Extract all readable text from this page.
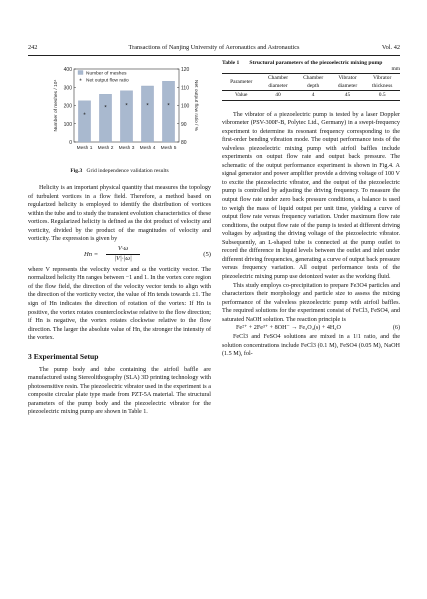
242	Transactions of Nanjing University of Aeronautics and Astronautics	Vol. 42
0
100
200
300
400
80
90
100
110
120
Number of meshes / 10⁴	Net output flow ratio / %
*
Mesh 1
*
Mesh 2
*
Mesh 3
*
Mesh 4
*
Mesh 5
Number of meshes
* Net output flow ratio
Fig.3 Grid independence validation results

Helicity is an important physical quantity that measures the topology of turbulent vortices in a flow field. Therefore, a method based on regularized helicity is employed to identify the distribution of vortices within the tube and to study the transient evolution characteristics of these vortices. Regularized helicity is defined as the dot product of velocity and vorticity, divided by the product of the magnitudes of velocity and vorticity. The expression is given by

Hn =
V·ω
|V|·|ω|
(5)

where V represents the velocity vector and ω the vorticity vector. The normalized helicity Hn ranges between −1 and 1. In the vortex core region of the flow field, the direction of the velocity vector tends to align with the direction of the vorticity vector, the value of Hn tends towards ±1. The sign of Hn indicates the direction of rotation of the vortex: If Hn is positive, the vortex rotates counterclockwise relative to the flow direction; if Hn is negative, the vortex rotates clockwise relative to the flow direction. The larger the absolute value of Hn, the stronger the intensity of the vortex.

3 Experimental Setup

The pump body and tube containing the airfoil baffle are manufactured using Stereolithography (SLA) 3D printing technology with photosensitive resin. The piezoelectric vibrator used in the experiment is a composite circular plate type made from PZT-5A material. The structural parameters of the pump body and the piezoelectric vibrator for the piezoelectric mixing pump are shown in Table 1.

Table 1 Structural parameters of the piezoelectric mixing pump
mm
Parameter	Chamber	Chamber	Vibrator	Vibrator
	diameter	depth	diameter	thickness
Value	40	4	45	0.5

The vibrator of a piezoelectric pump is tested by a laser Doppler vibrometer (PSV-300F-B, Polytec Ltd., Germany) in a swept-frequency experiment to determine its resonant frequency corresponding to the first-order bending vibration mode. The output performance tests of the valveless piezoelectric mixing pump with airfoil baffles include experiments on output flow rate and output back pressure. The schematic of the output performance experiment is shown in Fig.4. A signal generator and power amplifier provide a driving voltage of 100 V to excite the piezoelectric vibrator, and the output of the piezoelectric pump is controlled by adjusting the driving frequency. To measure the output flow rate under zero back pressure conditions, a balance is used to weigh the mass of liquid output per unit time, yielding a curve of output flow rate versus frequency variation. Under maximum flow rate conditions, the output flow rate of the pump is tested at different driving voltages by adjusting the driving voltage of the piezoelectric vibrator. Subsequently, an L-shaped tube is connected at the pump outlet to record the difference in liquid levels between the outlet and inlet under different driving frequencies, generating a curve of output back pressure versus frequency variation. All output performance tests of the piezoelectric mixing pump use deionized water as the working fluid.

This study employs co-precipitation to prepare Fe3O4 particles and characterizes their morphology and particle size to assess the mixing performance of the valveless piezoelectric pump with airfoil baffles. The required solutions for the experiment consist of FeCl3, FeSO4, and saturated NaOH solution. The reaction principle is

Fe²⁺ + 2Fe³⁺ + 8OH⁻ → Fe₃O₄(s) + 4H₂O	(6)

FeCl3 and FeSO4 solutions are mixed in a 1∶1 ratio, and the solution concentrations include FeCl3 (0.1 M), FeSO4 (0.05 M), NaOH (1.5 M), fol-
